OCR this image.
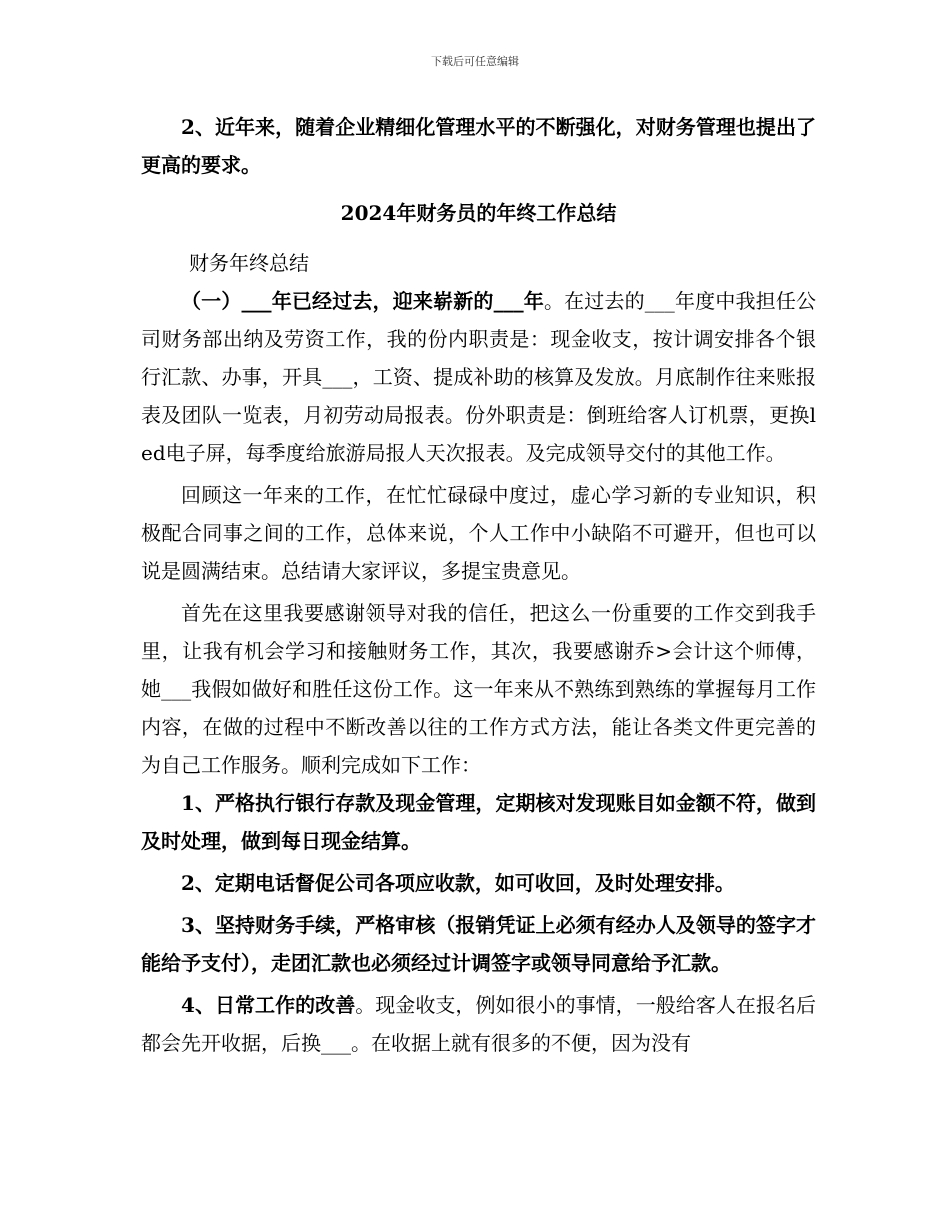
下载后可任意编辑

2、近年来，随着企业精细化管理水平的不断强化，对财务管理也提出了更高的要求。

2024年财务员的年终工作总结

财务年终总结

（一）___年已经过去，迎来崭新的___年。在过去的___年度中我担任公司财务部出纳及劳资工作，我的份内职责是：现金收支，按计调安排各个银行汇款、办事，开具___，工资、提成补助的核算及发放。月底制作往来账报表及团队一览表，月初劳动局报表。份外职责是：倒班给客人订机票，更换led电子屏，每季度给旅游局报人天次报表。及完成领导交付的其他工作。

回顾这一年来的工作，在忙忙碌碌中度过，虚心学习新的专业知识，积极配合同事之间的工作，总体来说，个人工作中小缺陷不可避开，但也可以说是圆满结束。总结请大家评议，多提宝贵意见。

首先在这里我要感谢领导对我的信任，把这么一份重要的工作交到我手里，让我有机会学习和接触财务工作，其次，我要感谢乔>会计这个师傅，她___我假如做好和胜任这份工作。这一年来从不熟练到熟练的掌握每月工作内容，在做的过程中不断改善以往的工作方式方法，能让各类文件更完善的为自己工作服务。顺利完成如下工作：

1、严格执行银行存款及现金管理，定期核对发现账目如金额不符，做到及时处理，做到每日现金结算。

2、定期电话督促公司各项应收款，如可收回，及时处理安排。

3、坚持财务手续，严格审核（报销凭证上必须有经办人及领导的签字才能给予支付），走团汇款也必须经过计调签字或领导同意给予汇款。

4、日常工作的改善。现金收支，例如很小的事情，一般给客人在报名后都会先开收据，后换___。在收据上就有很多的不便，因为没有
